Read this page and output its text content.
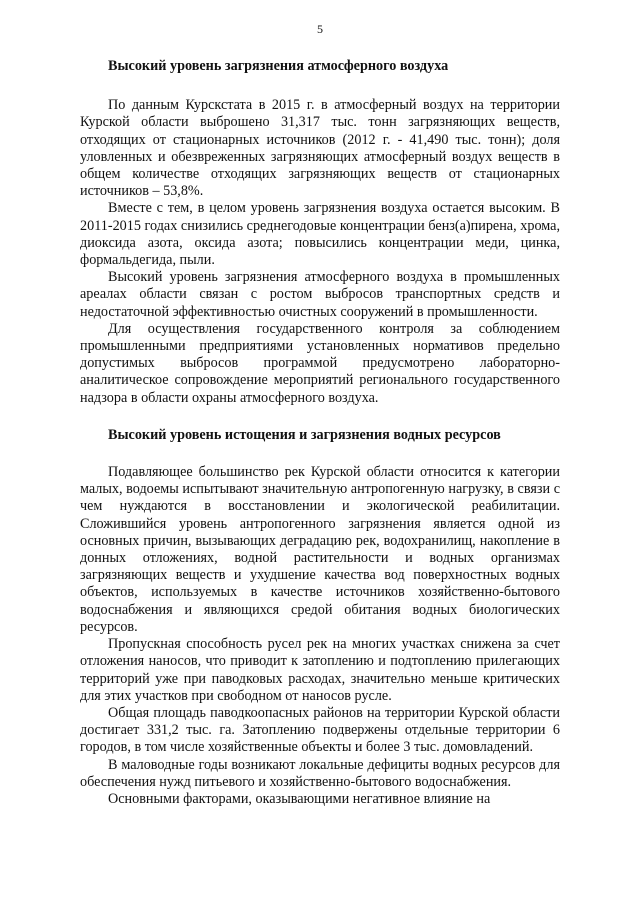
5
Высокий уровень загрязнения атмосферного воздуха

По данным Курскстата в 2015 г. в атмосферный воздух на территории Курской области выброшено 31,317 тыс. тонн загрязняющих веществ, отходящих от стационарных источников (2012 г. - 41,490 тыс. тонн); доля уловленных и обезвреженных загрязняющих атмосферный воздух веществ в общем количестве отходящих загрязняющих веществ от стационарных источников – 53,8%.

Вместе с тем, в целом уровень загрязнения воздуха остается высоким. В 2011-2015 годах снизились среднегодовые концентрации бенз(а)пирена, хрома, диоксида азота, оксида азота; повысились концентрации меди, цинка, формальдегида, пыли.

Высокий уровень загрязнения атмосферного воздуха в промышленных ареалах области связан с ростом выбросов транспортных средств и недостаточной эффективностью очистных сооружений в промышленности.

Для осуществления государственного контроля за соблюдением промышленными предприятиями установленных нормативов предельно допустимых выбросов программой предусмотрено лабораторно-аналитическое сопровождение мероприятий регионального государственного надзора в области охраны атмосферного воздуха.

Высокий уровень истощения и загрязнения водных ресурсов

Подавляющее большинство рек Курской области относится к категории малых, водоемы испытывают значительную антропогенную нагрузку, в связи с чем нуждаются в восстановлении и экологической реабилитации. Сложившийся уровень антропогенного загрязнения является одной из основных причин, вызывающих деградацию рек, водохранилищ, накопление в донных отложениях, водной растительности и водных организмах загрязняющих веществ и ухудшение качества вод поверхностных водных объектов, используемых в качестве источников хозяйственно-бытового водоснабжения и являющихся средой обитания водных биологических ресурсов.

Пропускная способность русел рек на многих участках снижена за счет отложения наносов, что приводит к затоплению и подтоплению прилегающих территорий уже при паводковых расходах, значительно меньше критических для этих участков при свободном от наносов русле.

Общая площадь паводкоопасных районов на территории Курской области достигает 331,2 тыс. га. Затоплению подвержены отдельные территории 6 городов, в том числе хозяйственные объекты и более 3 тыс. домовладений.

В маловодные годы возникают локальные дефициты водных ресурсов для обеспечения нужд питьевого и хозяйственно-бытового водоснабжения.

Основными факторами, оказывающими негативное влияние на
